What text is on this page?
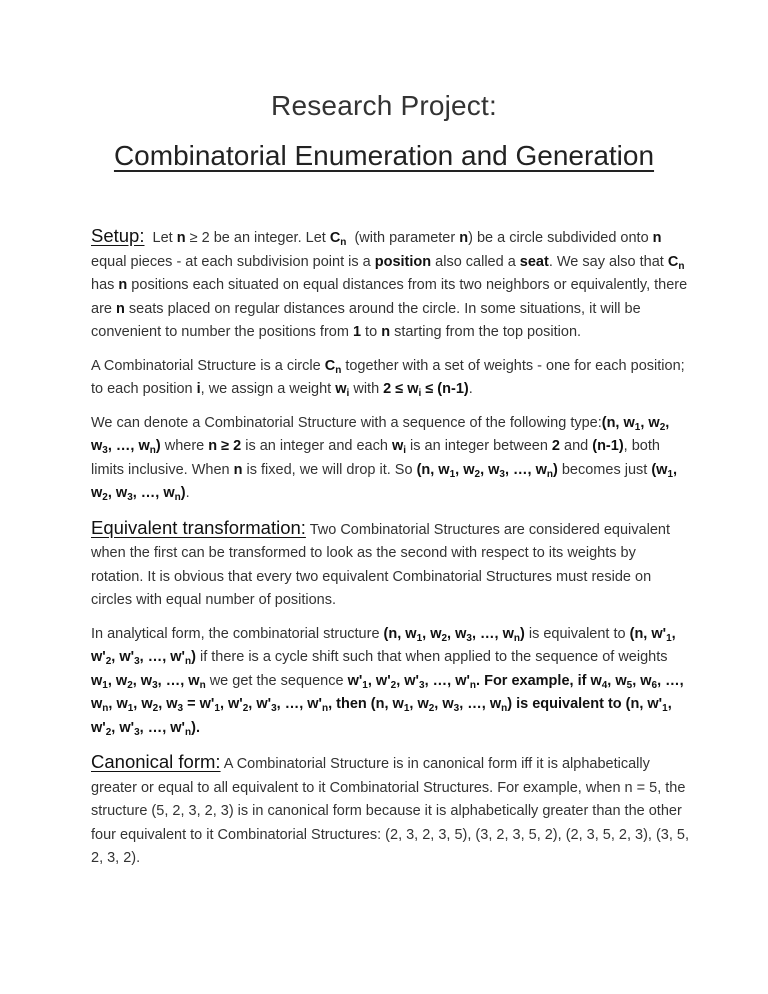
Research Project:
Combinatorial Enumeration and Generation

Setup:  Let n ≥ 2 be an integer. Let $C_n$  (with parameter n) be a circle subdivided onto n equal pieces - at each subdivision point is a position also called a seat. We say also that $C_n$ has n positions each situated on equal distances from its two neighbors or equivalently, there are n seats placed on regular distances around the circle. In some situations, it will be convenient to number the positions from 1 to n starting from the top position.

A Combinatorial Structure is a circle $C_n$ together with a set of weights - one for each position; to each position i, we assign a weight $w_i$ with $2 \le w_i \le (n-1)$.

We can denote a Combinatorial Structure with a sequence of the following type:(n, $w_1$, $w_2$, $w_3$, …, $w_n$) where n ≥ 2 is an integer and each $w_i$ is an integer between 2 and (n-1), both limits inclusive. When n is fixed, we will drop it. So (n, $w_1$, $w_2$, $w_3$, …, $w_n$) becomes just ($w_1$, $w_2$, $w_3$, …, $w_n$).

Equivalent transformation: Two Combinatorial Structures are considered equivalent when the first can be transformed to look as the second with respect to its weights by rotation. It is obvious that every two equivalent Combinatorial Structures must reside on circles with equal number of positions.

In analytical form, the combinatorial structure (n, $w_1$, $w_2$, $w_3$, …, $w_n$) is equivalent to (n, $w'_1$, $w'_2$, $w'_3$, …, $w'_n$) if there is a cycle shift such that when applied to the sequence of weights $w_1$, $w_2$, $w_3$, …, $w_n$ we get the sequence $w'_1$, $w'_2$, $w'_3$, …, $w'_n$. For example, if $w_4$, $w_5$, $w_6$, …, $w_n$, $w_1$, $w_2$, $w_3 = w'_1$, $w'_2$, $w'_3$, …, $w'_n$, then (n, $w_1$, $w_2$, $w_3$, …, $w_n$) is equivalent to (n, $w'_1$, $w'_2$, $w'_3$, …, $w'_n$).

Canonical form: A Combinatorial Structure is in canonical form iff it is alphabetically greater or equal to all equivalent to it Combinatorial Structures. For example, when n = 5, the structure (5, 2, 3, 2, 3) is in canonical form because it is alphabetically greater than the other four equivalent to it Combinatorial Structures: (2, 3, 2, 3, 5), (3, 2, 3, 5, 2), (2, 3, 5, 2, 3), (3, 5, 2, 3, 2).
